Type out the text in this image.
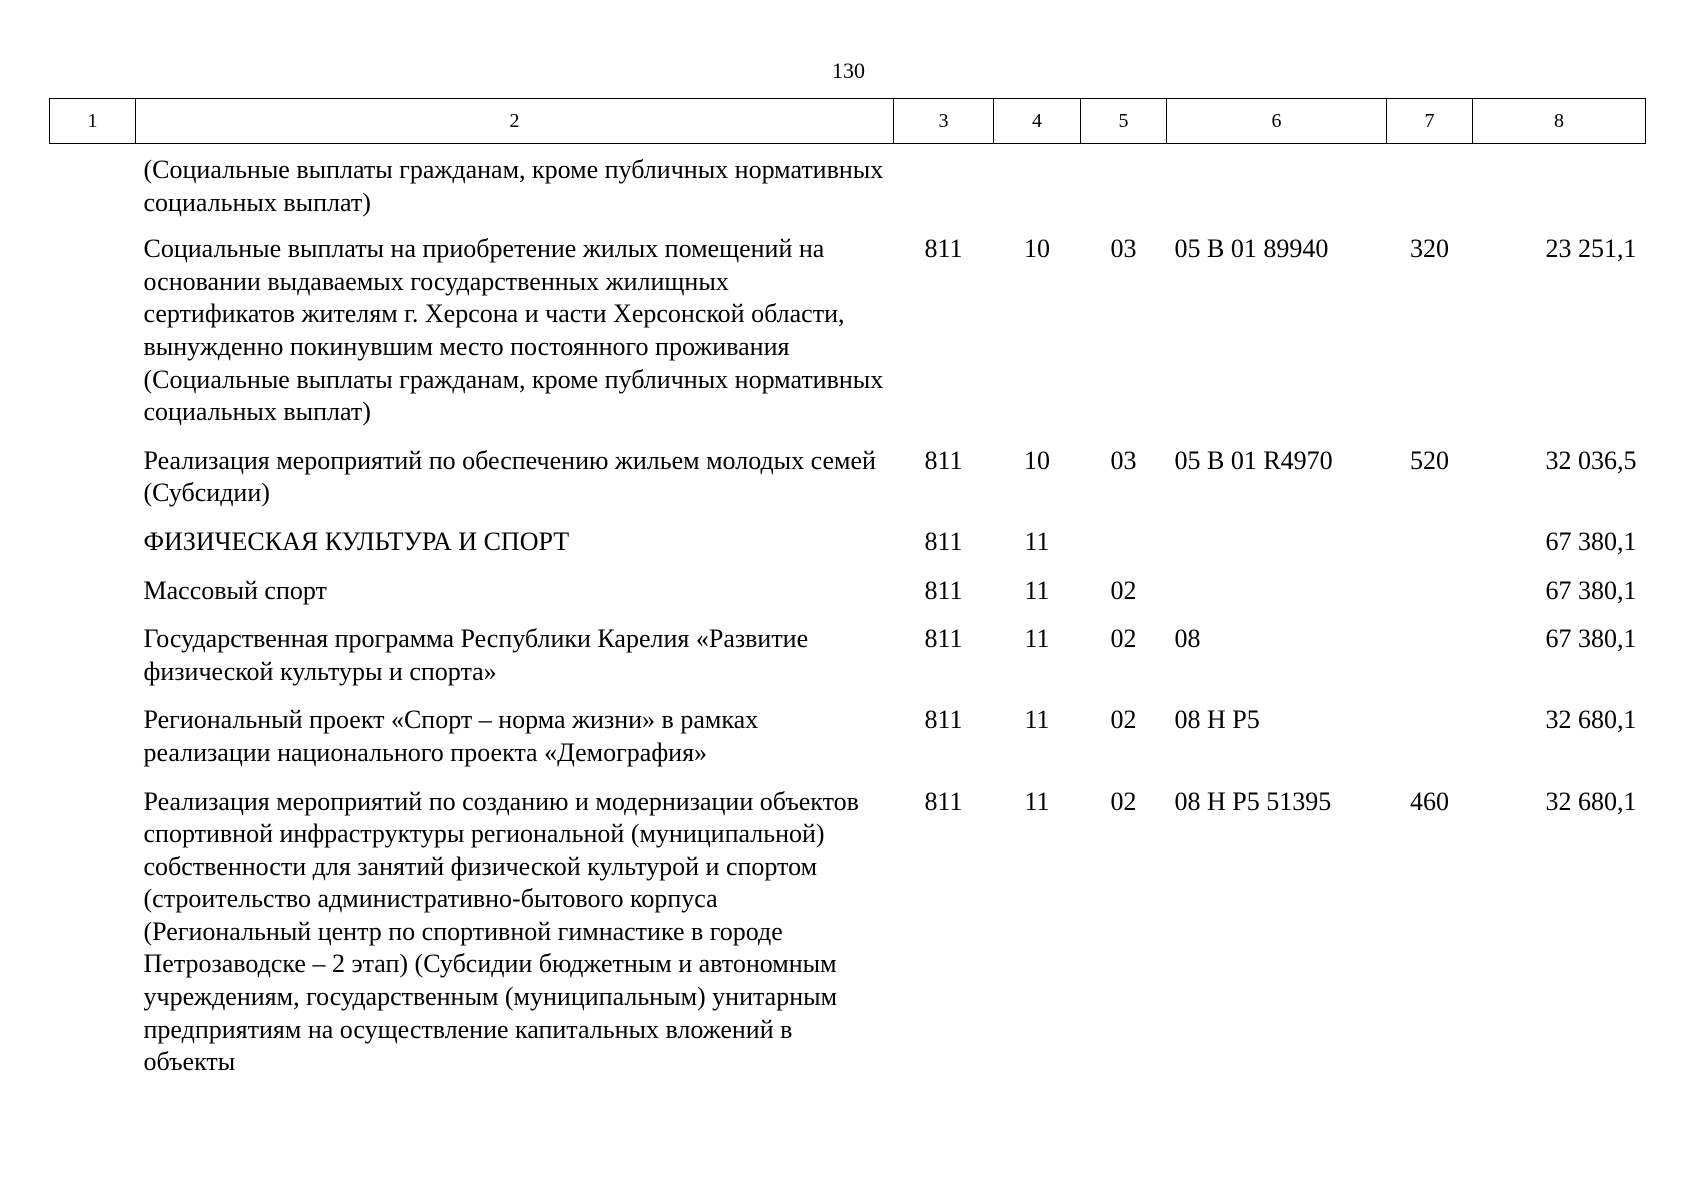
130
1	2	3	4	5	6	7	8
	(Социальные выплаты гражданам, кроме публичных нормативных социальных выплат)						
	Социальные выплаты на приобретение жилых помещений на основании выдаваемых государственных жилищных сертификатов жителям г. Херсона и части Херсонской области, вынужденно покинувшим место постоянного проживания (Социальные выплаты гражданам, кроме публичных нормативных социальных выплат)	811	10	03	05 В 01 89940	320	23 251,1
	Реализация мероприятий по обеспечению жильем молодых семей (Субсидии)	811	10	03	05 В 01 R4970	520	32 036,5
	ФИЗИЧЕСКАЯ КУЛЬТУРА И СПОРТ	811	11				67 380,1
	Массовый спорт	811	11	02			67 380,1
	Государственная программа Республики Карелия «Развитие физической культуры и спорта»	811	11	02	08		67 380,1
	Региональный проект «Спорт – норма жизни» в рамках реализации национального проекта «Демография»	811	11	02	08 Н Р5		32 680,1
	Реализация мероприятий по созданию и модернизации объектов спортивной инфраструктуры региональной (муниципальной) собственности для занятий физической культурой и спортом (строительство административно-бытового корпуса (Региональный центр по спортивной гимнастике в городе Петрозаводске – 2 этап) (Субсидии бюджетным и автономным учреждениям, государственным (муниципальным) унитарным предприятиям на осуществление капитальных вложений в объекты	811	11	02	08 Н Р5 51395	460	32 680,1
